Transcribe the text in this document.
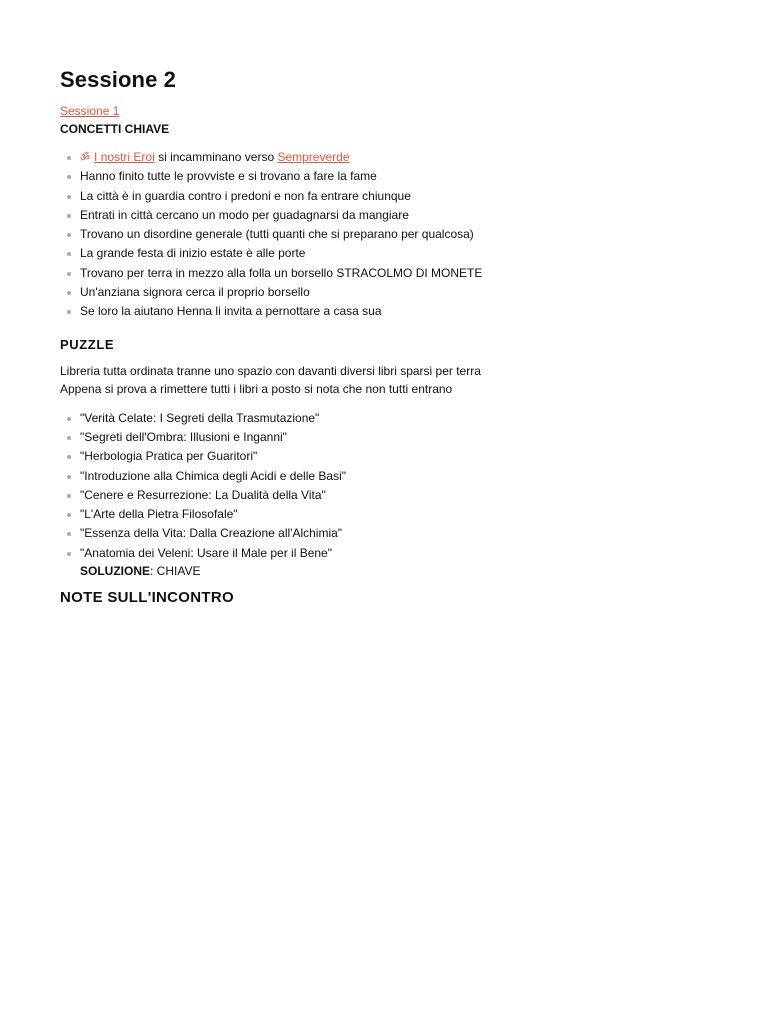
Sessione 2
Sessione 1
CONCETTI CHIAVE
ॐ I nostri Eroi si incamminano verso Sempreverde
Hanno finito tutte le provviste e si trovano a fare la fame
La città è in guardia contro i predoni e non fa entrare chiunque
Entrati in città cercano un modo per guadagnarsi da mangiare
Trovano un disordine generale (tutti quanti che si preparano per qualcosa)
La grande festa di inizio estate è alle porte
Trovano per terra in mezzo alla folla un borsello STRACOLMO DI MONETE
Un'anziana signora cerca il proprio borsello
Se loro la aiutano Henna li invita a pernottare a casa sua
PUZZLE

Libreria tutta ordinata tranne uno spazio con davanti diversi libri sparsi per terra

Appena si prova a rimettere tutti i libri a posto si nota che non tutti entrano

"Verità Celate: I Segreti della Trasmutazione"
"Segreti dell'Ombra: Illusioni e Inganni"
"Herbologia Pratica per Guaritori"
"Introduzione alla Chimica degli Acidi e delle Basi"
"Cenere e Resurrezione: La Dualità della Vita"
"L'Arte della Pietra Filosofale"
"Essenza della Vita: Dalla Creazione all'Alchimia"
"Anatomia dei Veleni: Usare il Male per il Bene"
SOLUZIONE: CHIAVE
NOTE SULL'INCONTRO
